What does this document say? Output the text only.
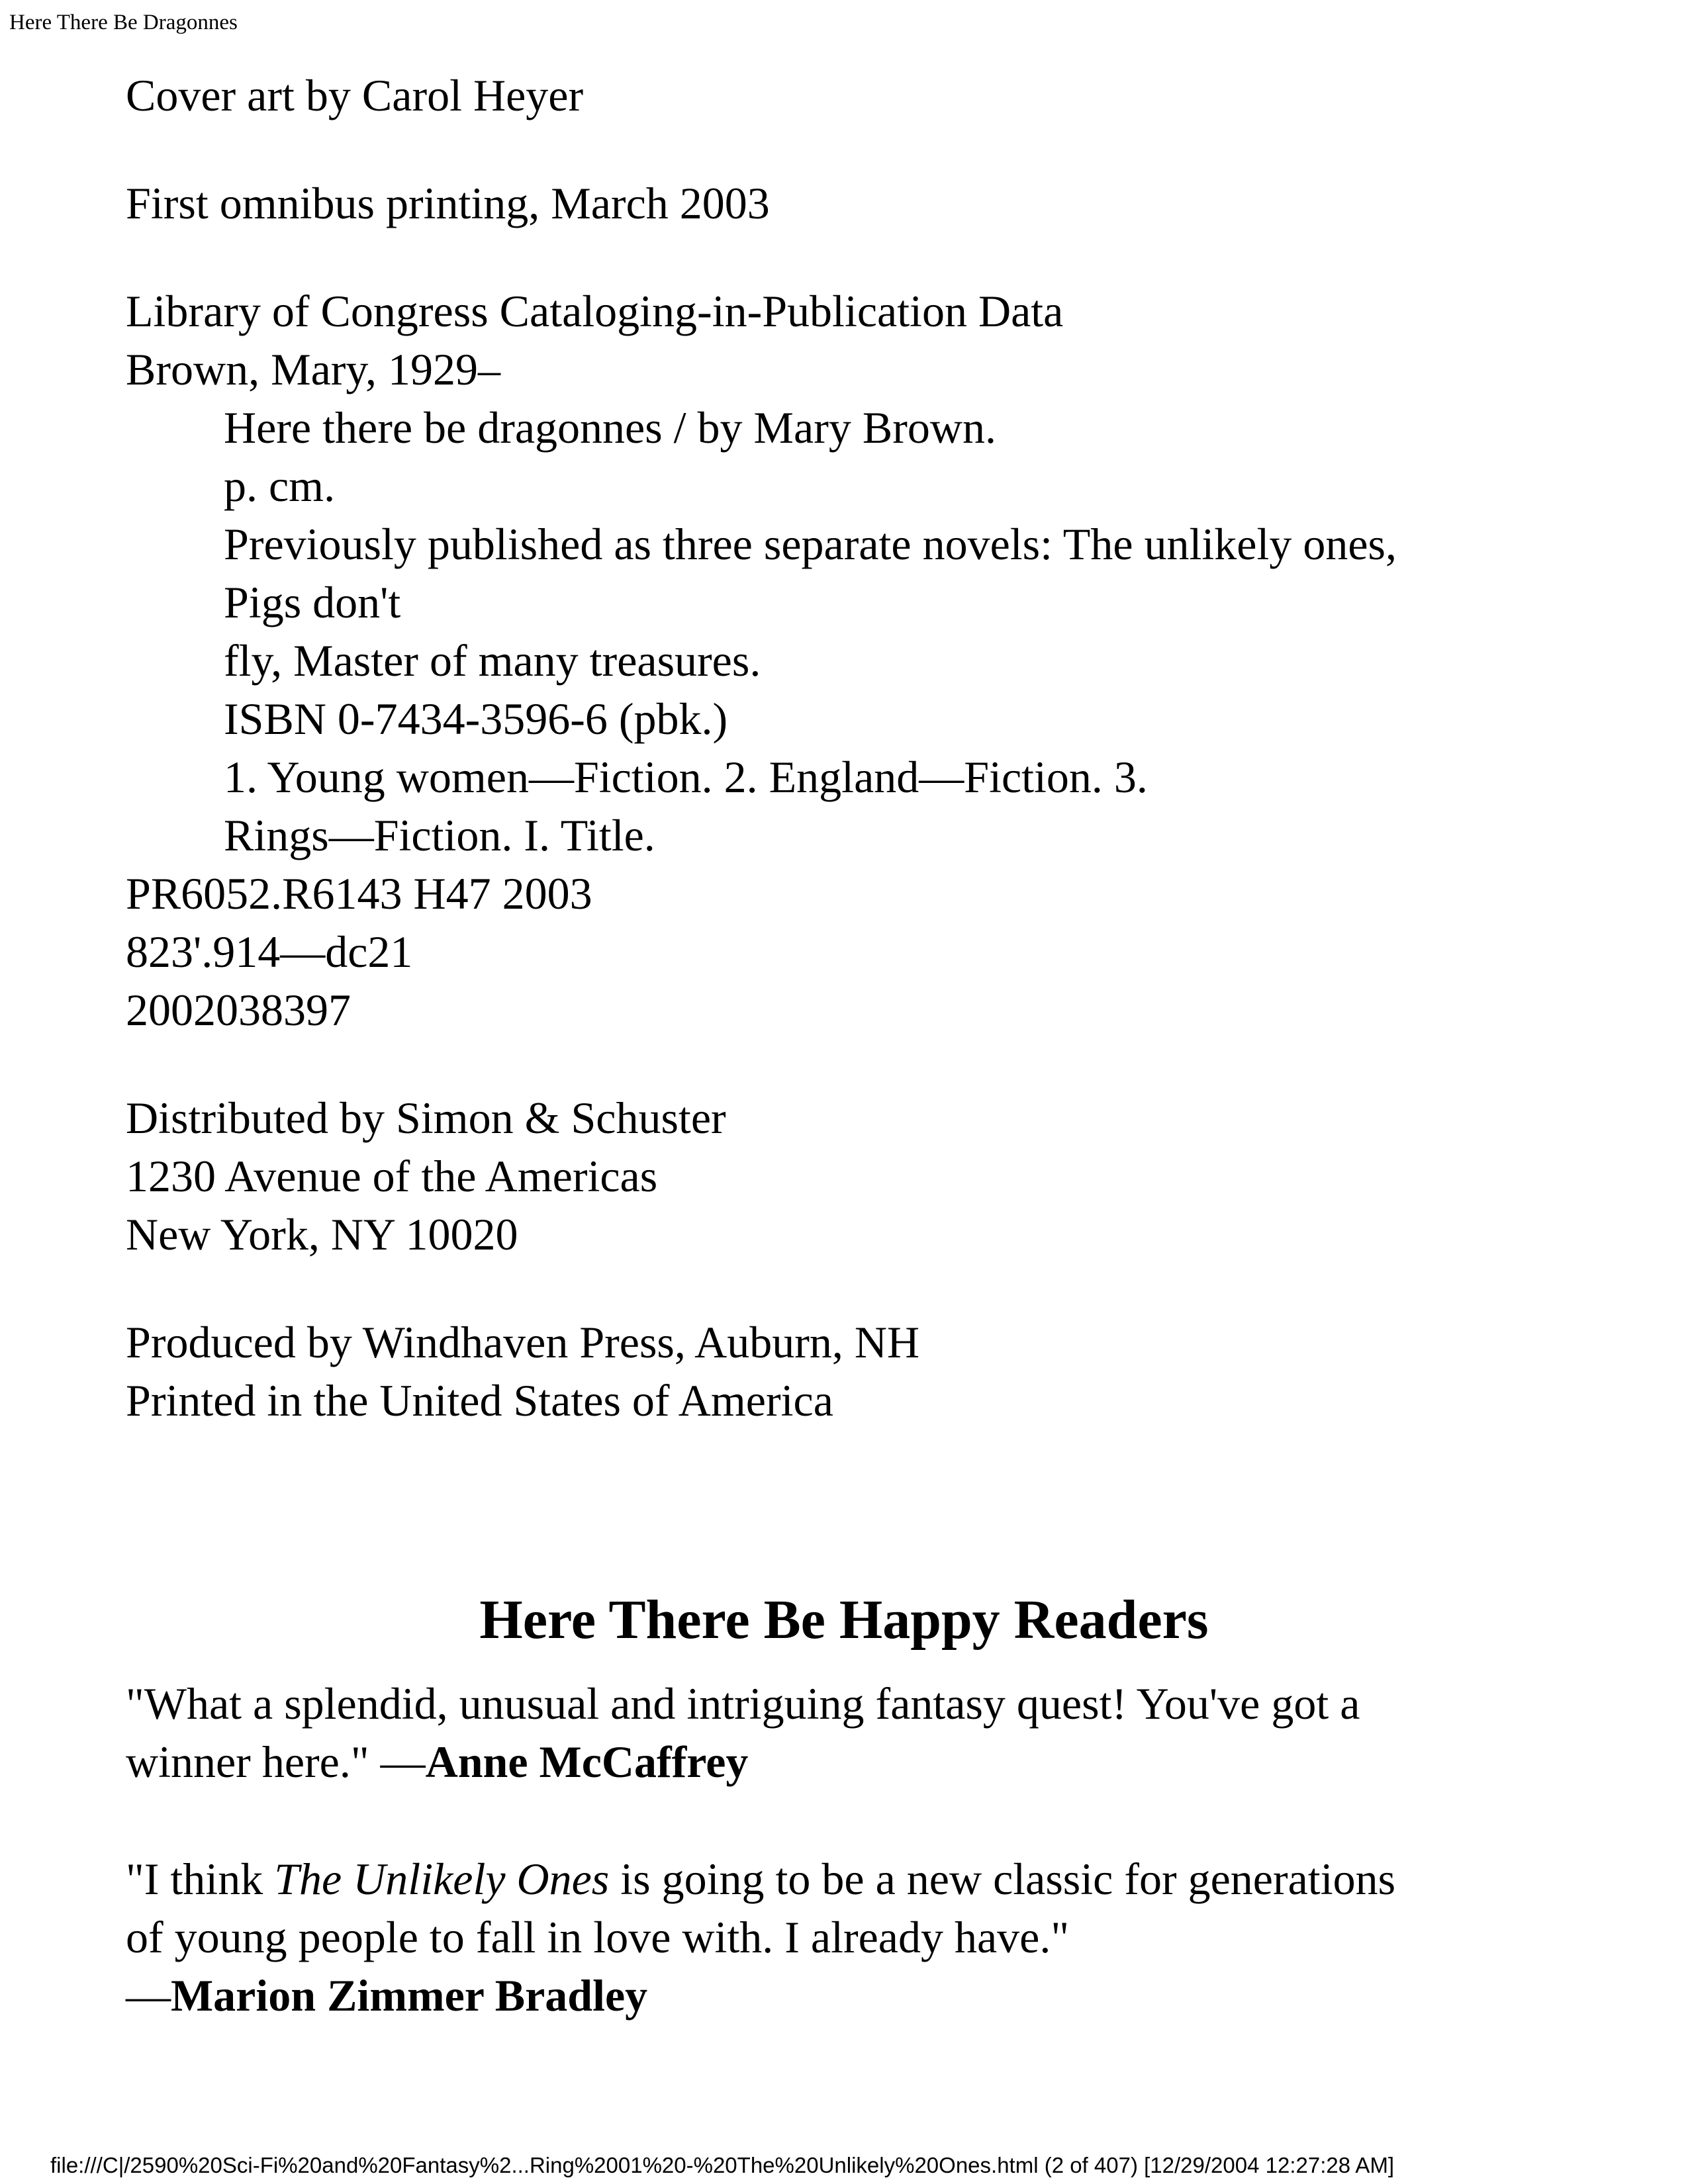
Here There Be Dragonnes
Cover art by Carol Heyer
First omnibus printing, March 2003
Library of Congress Cataloging-in-Publication Data
Brown, Mary, 1929–
Here there be dragonnes / by Mary Brown.
p. cm.
Previously published as three separate novels: The unlikely ones,
Pigs don't
fly, Master of many treasures.
ISBN 0-7434-3596-6 (pbk.)
1. Young women—Fiction. 2. England—Fiction. 3.
Rings—Fiction. I. Title.
PR6052.R6143 H47 2003
823'.914—dc21
2002038397
Distributed by Simon & Schuster
1230 Avenue of the Americas
New York, NY 10020
Produced by Windhaven Press, Auburn, NH
Printed in the United States of America
Here There Be Happy Readers
"What a splendid, unusual and intriguing fantasy quest! You've got a
winner here." —Anne McCaffrey
"I think The Unlikely Ones is going to be a new classic for generations
of young people to fall in love with. I already have."
—Marion Zimmer Bradley
file:///C|/2590%20Sci-Fi%20and%20Fantasy%2...Ring%2001%20-%20The%20Unlikely%20Ones.html (2 of 407) [12/29/2004 12:27:28 AM]
